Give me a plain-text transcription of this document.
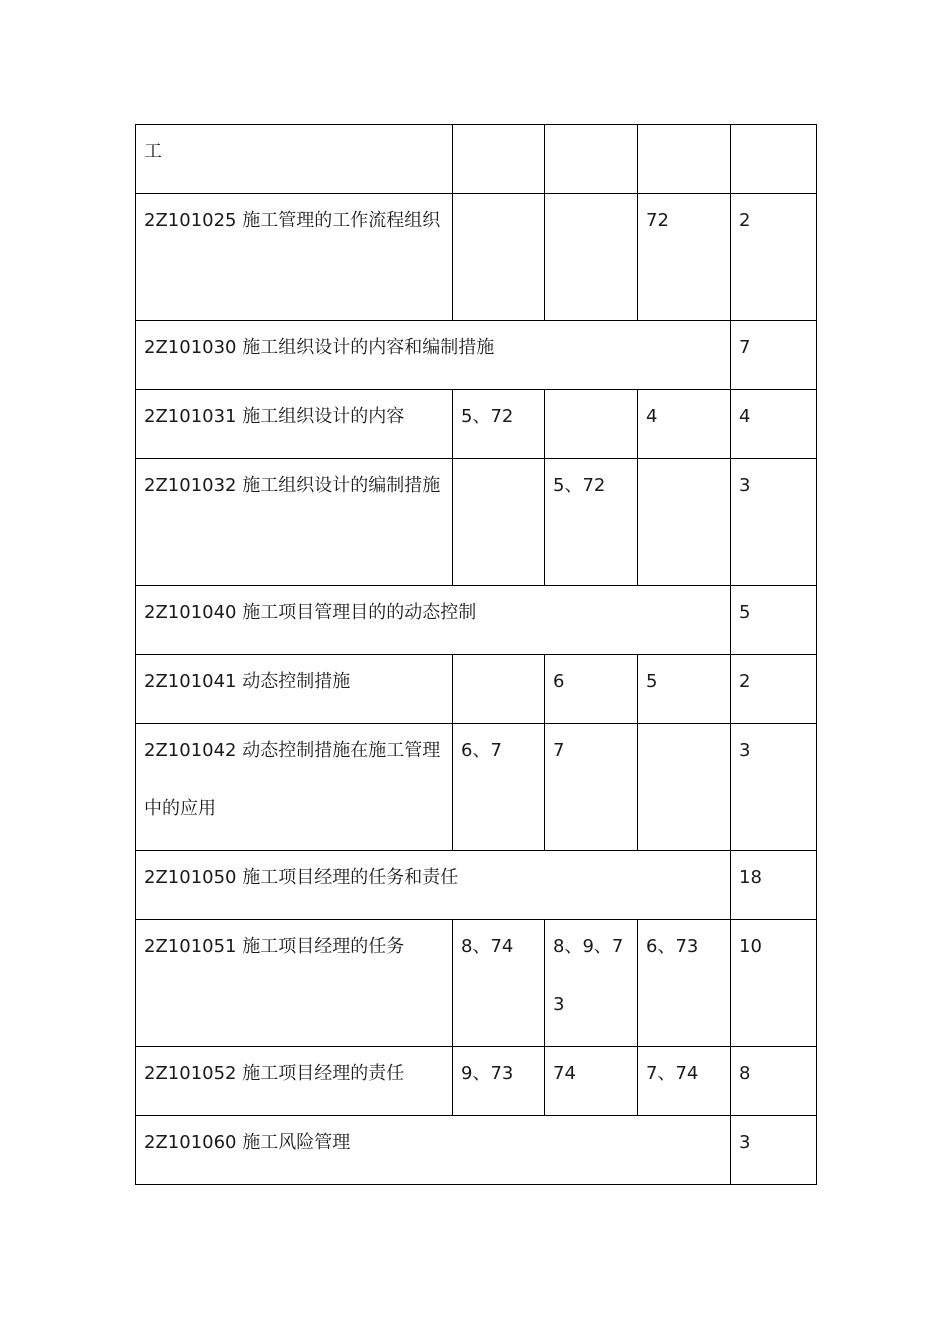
工				

2Z101025 施工管理的工作流程组织			72	2

2Z101030 施工组织设计的内容和编制措施				7

2Z101031 施工组织设计的内容	5、72		4	4

2Z101032 施工组织设计的编制措施		5、72		3

2Z101040 施工项目管理目的的动态控制				5

2Z101041 动态控制措施		6	5	2

2Z101042 动态控制措施在施工管理中的应用	6、7	7		3

2Z101050 施工项目经理的任务和责任				18

2Z101051 施工项目经理的任务	8、74	8、9、73	6、73	10

2Z101052 施工项目经理的责任	9、73	74	7、74	8

2Z101060 施工风险管理				3
